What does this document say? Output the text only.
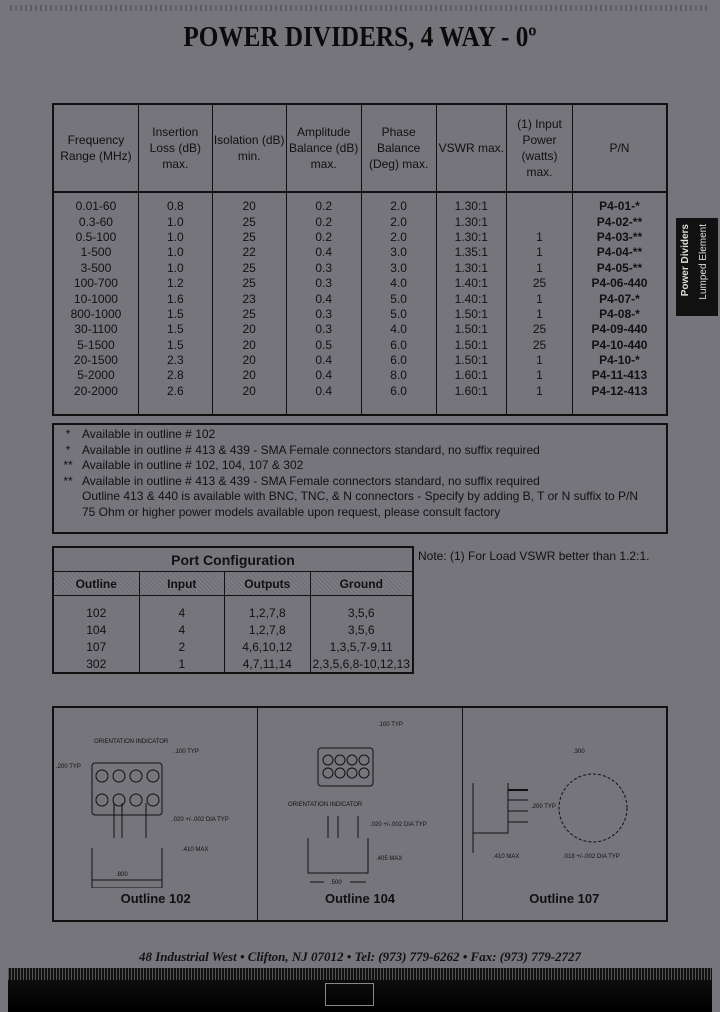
POWER DIVIDERS, 4 WAY - 0º
Power Dividers Lumped Element
Frequency Range (MHz)	Insertion Loss (dB) max.	Isolation (dB) min.	Amplitude Balance (dB) max.	Phase Balance (Deg) max.	VSWR max.	(1) Input Power (watts) max.	P/N
0.01-60	0.8	20	0.2	2.0	1.30:1		P4-01-*
0.3-60	1.0	25	0.2	2.0	1.30:1		P4-02-**
0.5-100	1.0	25	0.2	2.0	1.30:1	1	P4-03-**
1-500	1.0	22	0.4	3.0	1.35:1	1	P4-04-**
3-500	1.0	25	0.3	3.0	1.30:1	1	P4-05-**
100-700	1.2	25	0.3	4.0	1.40:1	25	P4-06-440
10-1000	1.6	23	0.4	5.0	1.40:1	1	P4-07-*
800-1000	1.5	25	0.3	5.0	1.50:1	1	P4-08-*
30-1100	1.5	20	0.3	4.0	1.50:1	25	P4-09-440
5-1500	1.5	20	0.5	6.0	1.50:1	25	P4-10-440
20-1500	2.3	20	0.4	6.0	1.50:1	1	P4-10-*
5-2000	2.8	20	0.4	8.0	1.60:1	1	P4-11-413
20-2000	2.6	20	0.4	6.0	1.60:1	1	P4-12-413

* Available in outline # 102
* Available in outline # 413 & 439 - SMA Female connectors standard, no suffix required
** Available in outline # 102, 104, 107 & 302
** Available in outline # 413 & 439 - SMA Female connectors standard, no suffix required
Outline 413 & 440 is available with BNC, TNC, & N connectors - Specify by adding B, T or N suffix to P/N
75 Ohm or higher power models available upon request, please consult factory
Port Configuration			
Outline	Input	Outputs	Ground
102	4	1,2,7,8	3,5,6
104	4	1,2,7,8	3,5,6
107	2	4,6,10,12	1,3,5,7-9,11
302	1	4,7,11,14	2,3,5,6,8-10,12,13
Note: (1) For Load VSWR better than 1.2:1.
ORIENTATION INDICATOR
.200 TYP
.100 TYP
.020 +/-.002 DIA TYP
.410 MAX
.800
Outline 102
.100 TYP
ORIENTATION INDICATOR
.020 +/-.002 DIA TYP
.405 MAX
.500
Outline 104
.300
.200 TYP
.410 MAX	.018 +/-.002 DIA TYP
Outline 107
48 Industrial West • Clifton, NJ 07012 • Tel: (973) 779-6262 • Fax: (973) 779-2727
